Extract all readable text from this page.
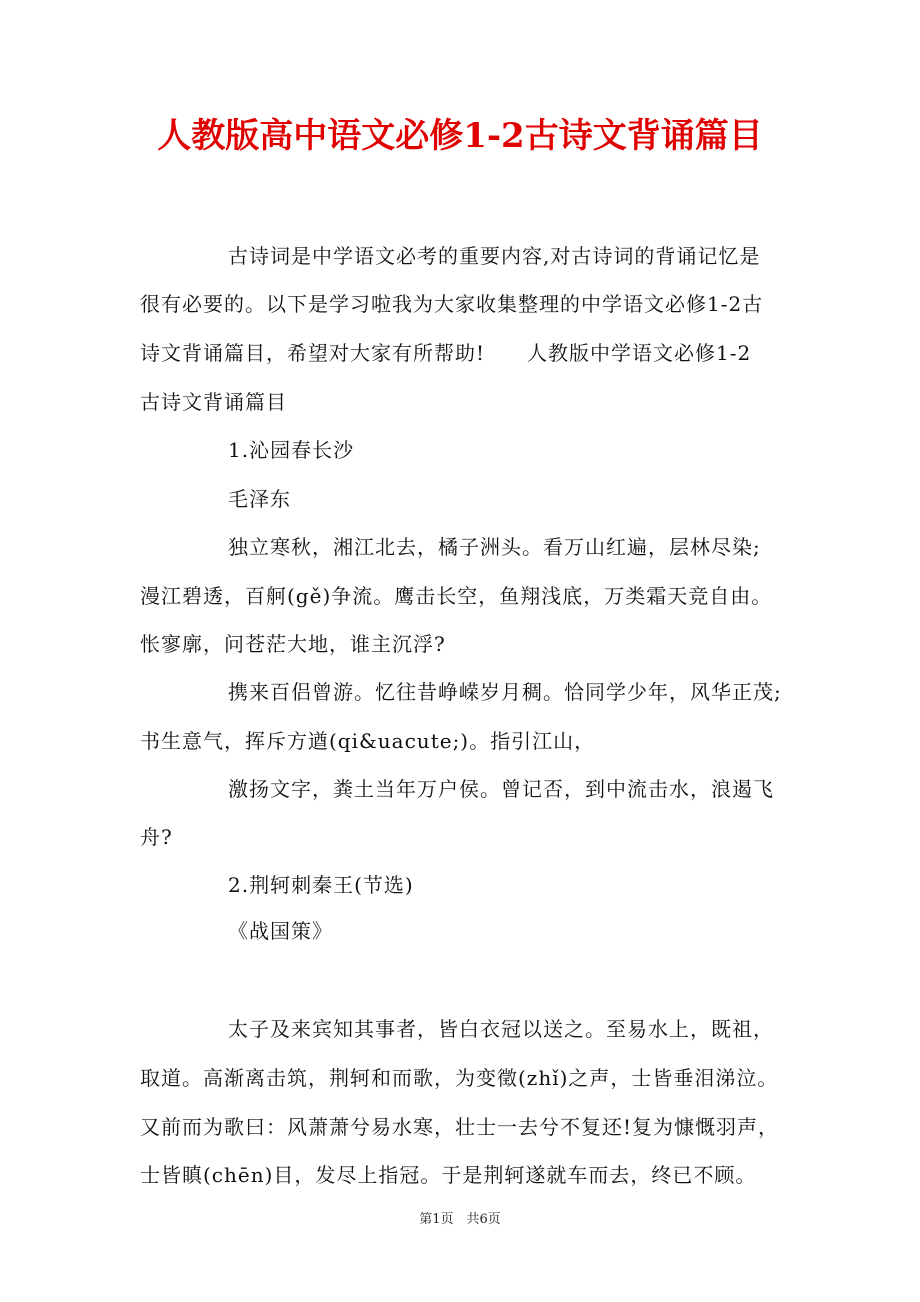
人教版高中语文必修1-2古诗文背诵篇目
古诗词是中学语文必考的重要内容,对古诗词的背诵记忆是
很有必要的。以下是学习啦我为大家收集整理的中学语文必修1-2古
诗文背诵篇目，希望对大家有所帮助!　　人教版中学语文必修1-2
古诗文背诵篇目
1.沁园春长沙
毛泽东
独立寒秋，湘江北去，橘子洲头。看万山红遍，层林尽染;
漫江碧透，百舸(gě)争流。鹰击长空，鱼翔浅底，万类霜天竞自由。
怅寥廓，问苍茫大地，谁主沉浮?
携来百侣曾游。忆往昔峥嵘岁月稠。恰同学少年，风华正茂;
书生意气，挥斥方遒(qi&uacute;)。指引江山，
激扬文字，粪土当年万户侯。曾记否，到中流击水，浪遏飞
舟?
2.荆轲刺秦王(节选)
《战国策》
太子及来宾知其事者，皆白衣冠以送之。至易水上，既祖，
取道。高渐离击筑，荆轲和而歌，为变徵(zhǐ)之声，士皆垂泪涕泣。
又前而为歌曰：风萧萧兮易水寒，壮士一去兮不复还!复为慷慨羽声，
士皆瞋(chēn)目，发尽上指冠。于是荆轲遂就车而去，终已不顾。
第1页　共6页
